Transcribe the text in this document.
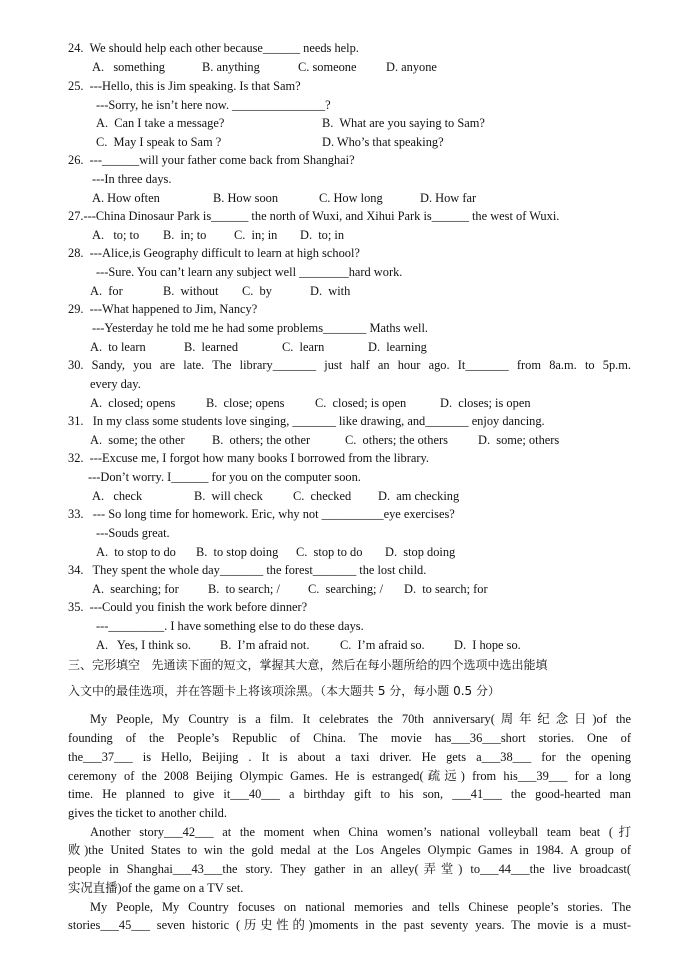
24.  We should help each other because______ needs help.
A.   something	B. anything	C. someone D. anyone
25.  ---Hello, this is Jim speaking. Is that Sam?
---Sorry, he isn’t here now. _______________?
A.  Can I take a message?	B.  What are you saying to Sam?
C.  May I speak to Sam ?	D. Who’s that speaking?
26.  ---______will your father come back from Shanghai?
---In three days.
A. How often	B. How soon	C. How long	D. How far
27.---China Dinosaur Park is______ the north of Wuxi, and Xihui Park is______ the west of Wuxi.
A.   to; to B.  in; to C.  in; in D.  to; in
28.  ---Alice,is Geography difficult to learn at high school?
---Sure. You can’t learn any subject well ________hard work.
A.  for	B.  without C.  by	D.  with
29.  ---What happened to Jim, Nancy?
---Yesterday he told me he had some problems_______ Maths well.
A.  to learn	B.  learned	C.  learn	D.  learning
30. Sandy, you are late. The library_______ just half an hour ago. It_______ from 8a.m. to 5p.m.
every day.
A.  closed; opens B.  close; opens C.  closed; is open	D.  closes; is open
31.   In my class some students love singing, _______ like drawing, and_______ enjoy dancing.
A.  some; the other B.  others; the other	C.  others; the others D.  some; others
32.  ---Excuse me, I forgot how many books I borrowed from the library.
---Don’t worry. I______ for you on the computer soon.
A.   check	B.  will check C.  checked D.  am checking
33.   --- So long time for homework. Eric, why not __________eye exercises?
---Souds great.
A.  to stop to do B.  to stop doing C.  stop to do D.  stop doing
34.   They spent the whole day_______ the forest_______ the lost child.
A.  searching; for B.  to search; / C.  searching; / D.  to search; for
35.  ---Could you finish the work before dinner?
---_________. I have something else to do these days.
A.   Yes, I think so. B.  I’m afraid not. C.  I’m afraid so. D.  I hope so.
三、完形填空   先通读下面的短文，掌握其大意，然后在每小题所给的四个选项中选出能填
入文中的最佳选项，并在答题卡上将该项涂黑。（本大题共 5 分，每小题 0.5 分）
My People, My Country is a film. It celebrates the 70th anniversary(周年纪念日)of the
founding of the People’s Republic of China. The movie has___36___short stories. One of
the___37___ is Hello, Beijing . It is about a taxi driver. He gets a___38___ for the opening
ceremony of the 2008 Beijing Olympic Games. He is estranged(疏远) from his___39___ for a long
time. He planned to give it___40___ a birthday gift to his son, ___41___ the good-hearted man
gives the ticket to another child.
Another story___42___ at the moment when China women’s national volleyball team beat (打
败)the United States to win the gold medal at the Los Angeles Olympic Games in 1984. A group of
people in Shanghai___43___the story. They gather in an alley(弄堂) to___44___the live broadcast(
实况直播)of the game on a TV set.
My People, My Country focuses on national memories and tells Chinese people’s stories. The
stories___45___ seven historic (历史性的)moments in the past seventy years. The movie is a must-
